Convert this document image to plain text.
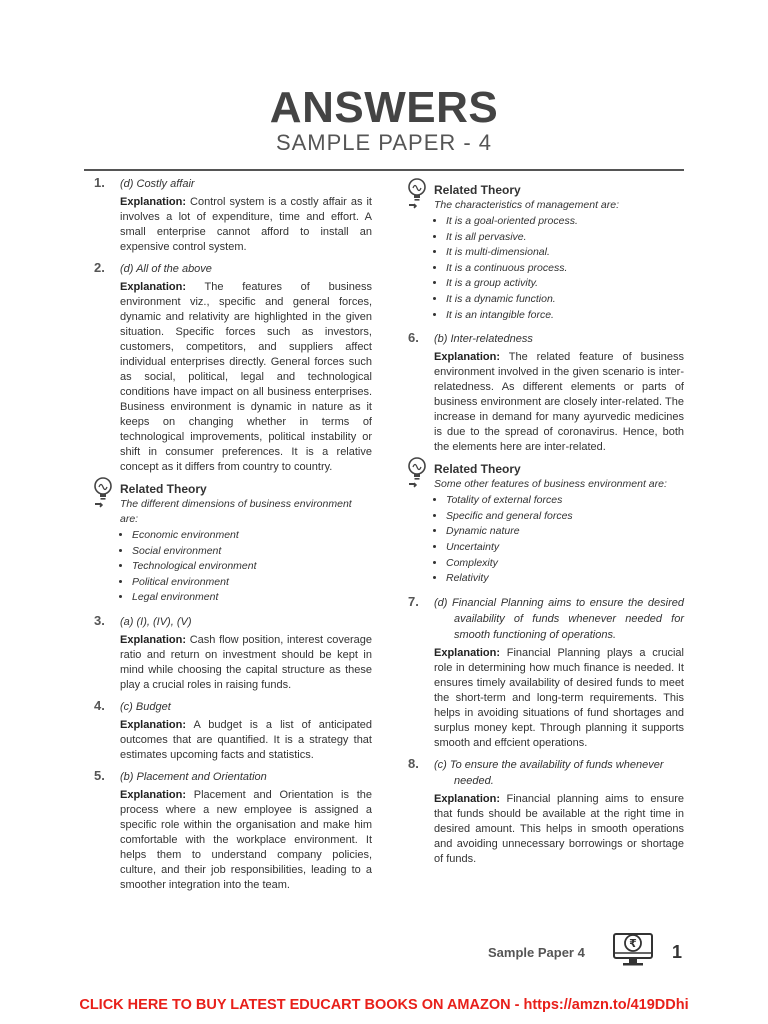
ANSWERS
SAMPLE PAPER - 4
1. (d) Costly affair
Explanation: Control system is a costly affair as it involves a lot of expenditure, time and effort. A small enterprise cannot afford to install an expensive control system.
2. (d) All of the above
Explanation: The features of business environment viz., specific and general forces, dynamic and relativity are highlighted in the given situation. Specific forces such as investors, customers, competitors, and suppliers affect individual enterprises directly. General forces such as social, political, legal and technological conditions have impact on all business enterprises. Business environment is dynamic in nature as it keeps on changing whether in terms of technological improvements, political instability or shift in consumer preferences. It is a relative concept as it differs from country to country.
Related Theory
The different dimensions of business environment are:
• Economic environment
• Social environment
• Technological environment
• Political environment
• Legal environment
3. (a) (I), (IV), (V)
Explanation: Cash flow position, interest coverage ratio and return on investment should be kept in mind while choosing the capital structure as these play a crucial roles in raising funds.
4. (c) Budget
Explanation: A budget is a list of anticipated outcomes that are quantified. It is a strategy that estimates upcoming facts and statistics.
5. (b) Placement and Orientation
Explanation: Placement and Orientation is the process where a new employee is assigned a specific role within the organisation and make him comfortable with the workplace environment. It helps them to understand company policies, culture, and their job responsibilities, leading to a smoother integration into the team.
Related Theory
The characteristics of management are:
• It is a goal-oriented process.
• It is all pervasive.
• It is multi-dimensional.
• It is a continuous process.
• It is a group activity.
• It is a dynamic function.
• It is an intangible force.
6. (b) Inter-relatedness
Explanation: The related feature of business environment involved in the given scenario is inter-relatedness. As different elements or parts of business environment are closely inter-related. The increase in demand for many ayurvedic medicines is due to the spread of coronavirus. Hence, both the elements here are inter-related.
Related Theory
Some other features of business environment are:
• Totality of external forces
• Specific and general forces
• Dynamic nature
• Uncertainty
• Complexity
• Relativity
7. (d) Financial Planning aims to ensure the desired availability of funds whenever needed for smooth functioning of operations.
Explanation: Financial Planning plays a crucial role in determining how much finance is needed. It ensures timely availability of desired funds to meet the short-term and long-term requirements. This helps in avoiding situations of fund shortages and surplus money kept. Through planning it supports smooth and effcient operations.
8. (c) To ensure the availability of funds whenever needed.
Explanation: Financial planning aims to ensure that funds should be available at the right time in desired amount. This helps in smooth operations and avoiding unnecessary borrowings or shortage of funds.
Sample Paper 4
₹ 1
CLICK HERE TO BUY LATEST EDUCART BOOKS ON AMAZON - https://amzn.to/419DDhi
